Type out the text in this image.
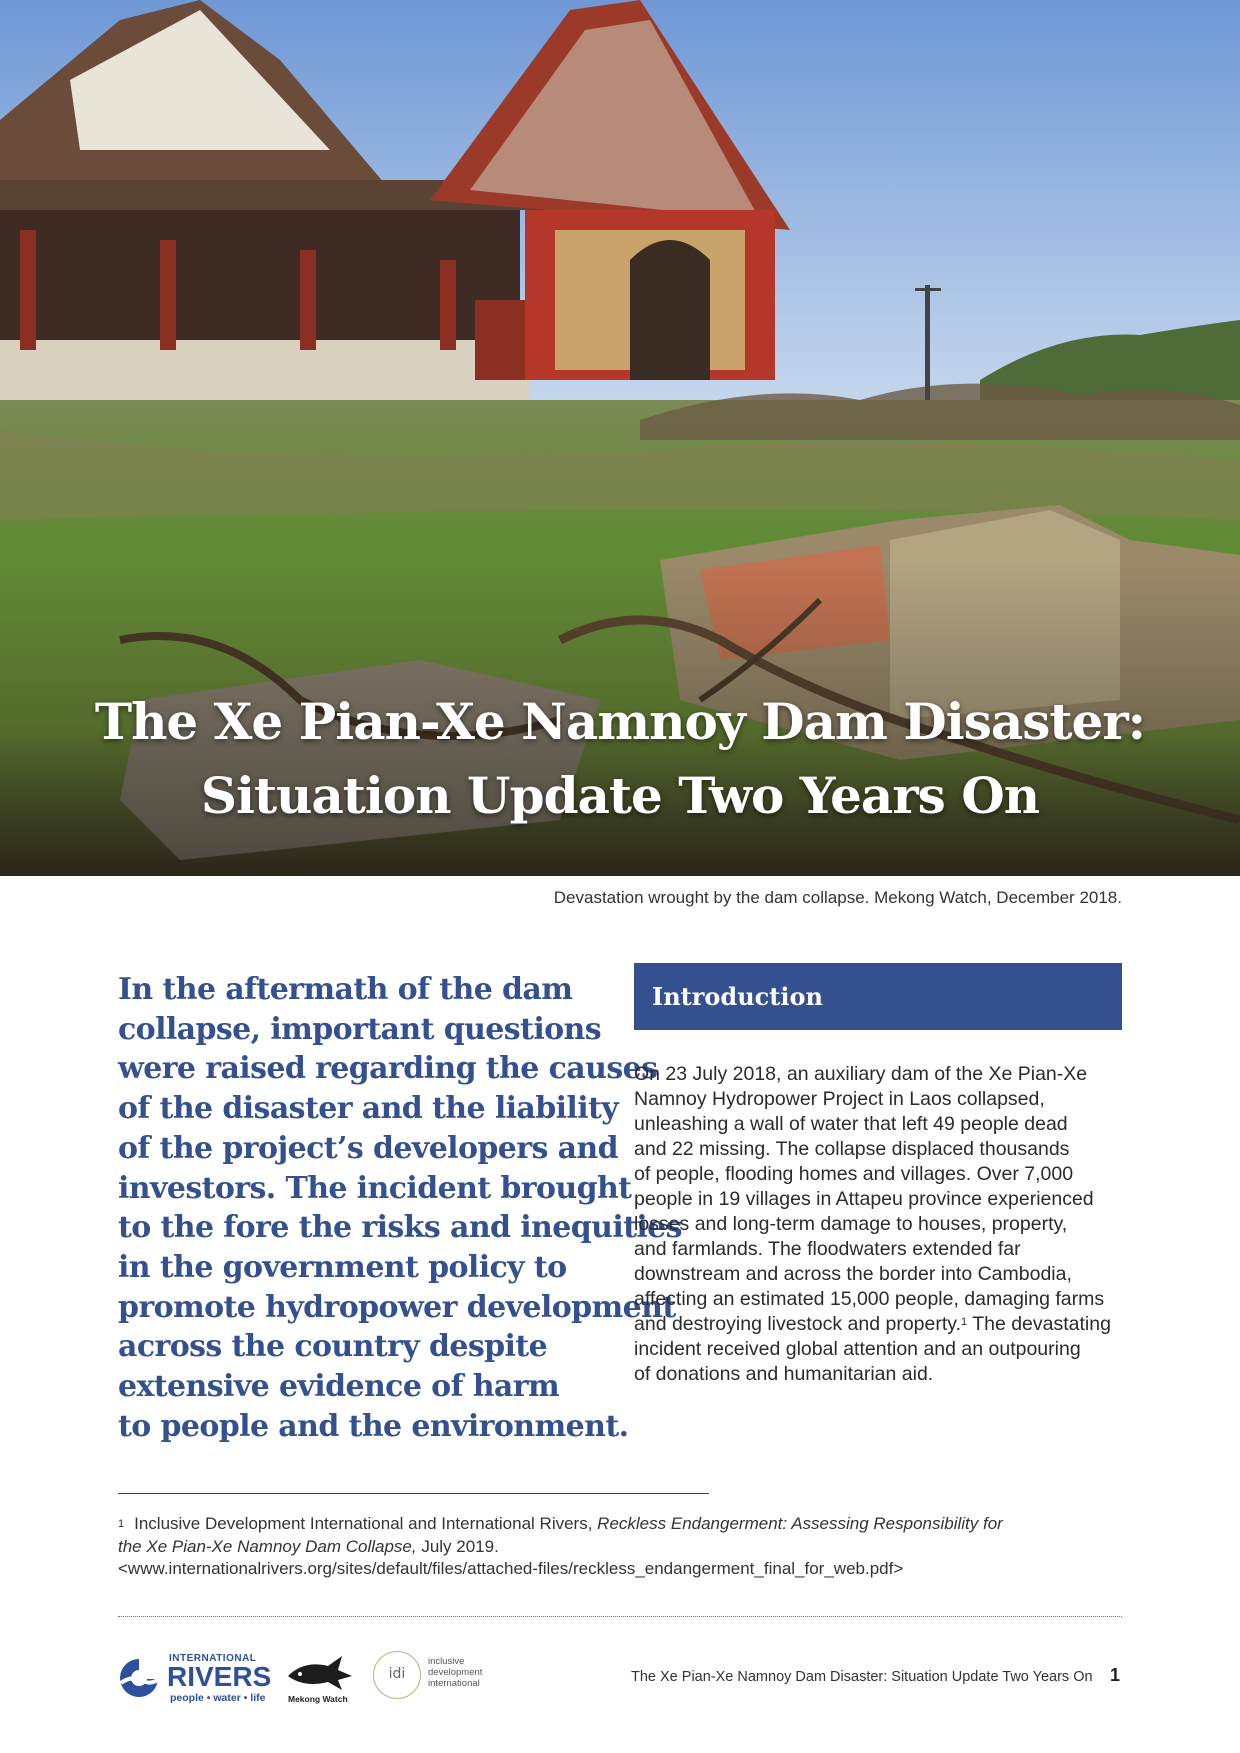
The Xe Pian-Xe Namnoy Dam Disaster:
Situation Update Two Years On
Devastation wrought by the dam collapse. Mekong Watch, December 2018.
In the aftermath of the dam
collapse, important questions
were raised regarding the causes
of the disaster and the liability
of the project’s developers and
investors. The incident brought
to the fore the risks and inequities
in the government policy to
promote hydropower development
across the country despite
extensive evidence of harm
to people and the environment.
Introduction
On 23 July 2018, an auxiliary dam of the Xe Pian-Xe
Namnoy Hydropower Project in Laos collapsed,
unleashing a wall of water that left 49 people dead
and 22 missing. The collapse displaced thousands
of people, flooding homes and villages. Over 7,000
people in 19 villages in Attapeu province experienced
losses and long-term damage to houses, property,
and farmlands. The floodwaters extended far
downstream and across the border into Cambodia,
affecting an estimated 15,000 people, damaging farms
and destroying livestock and property.$^1$ The devastating
incident received global attention and an outpouring
of donations and humanitarian aid.
$^1$ Inclusive Development International and International Rivers, Reckless Endangerment: Assessing Responsibility for
the Xe Pian-Xe Namnoy Dam Collapse, July 2019.
<www.internationalrivers.org/sites/default/files/attached-files/reckless_endangerment_final_for_web.pdf>
INTERNATIONAL
RIVERS
people • water • life	Mekong Watch
idi
inclusive
development
international	The Xe Pian-Xe Namnoy Dam Disaster: Situation Update Two Years On 1
